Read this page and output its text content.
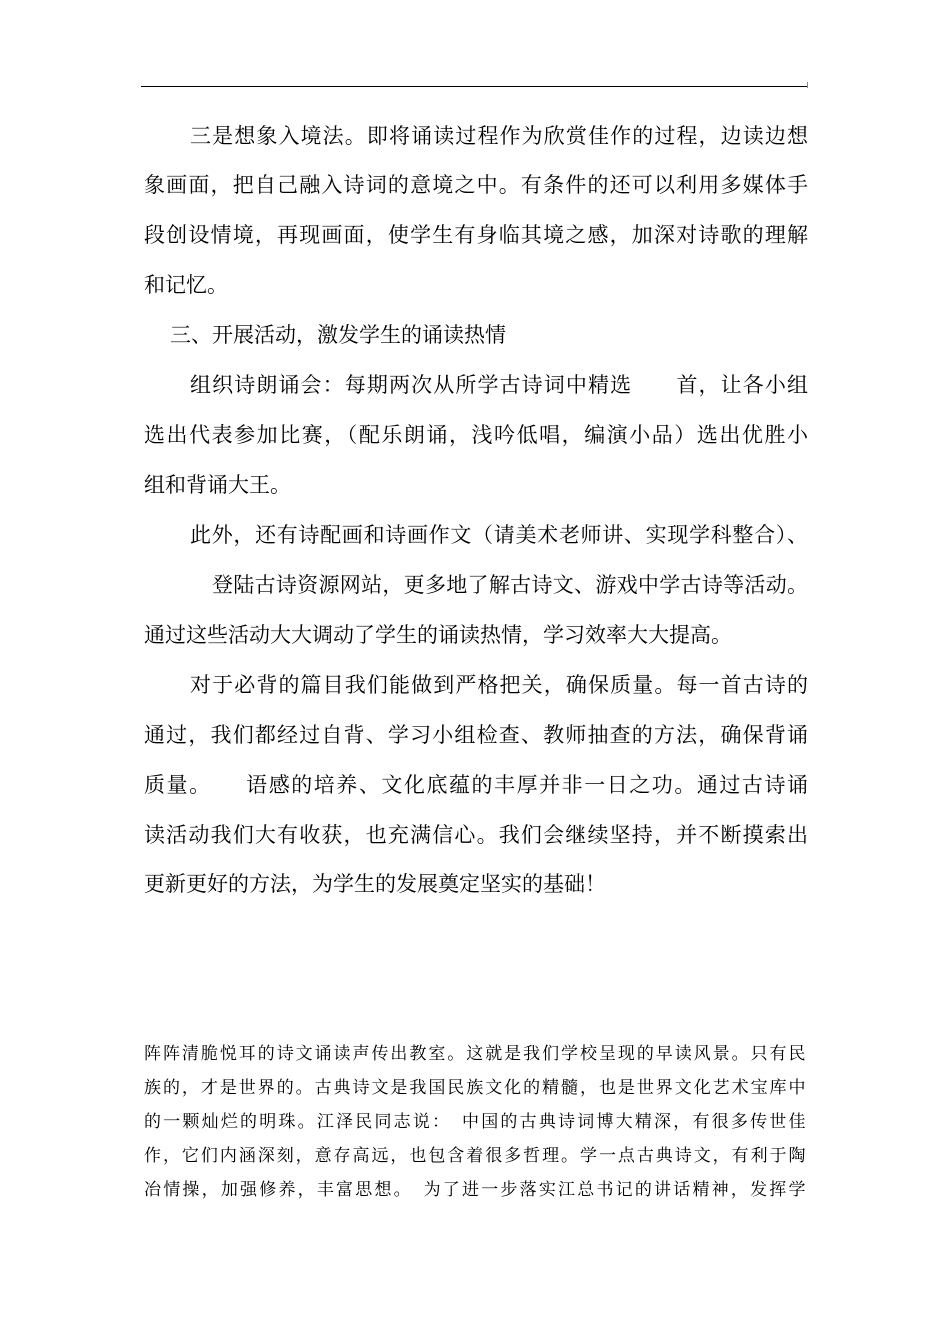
三是想象入境法。即将诵读过程作为欣赏佳作的过程，边读边想
象画面，把自己融入诗词的意境之中。有条件的还可以利用多媒体手
段创设情境，再现画面，使学生有身临其境之感，加深对诗歌的理解
和记忆。
三、开展活动，激发学生的诵读热情
组织诗朗诵会：每期两次从所学古诗词中精选　　首，让各小组
选出代表参加比赛，（配乐朗诵，浅吟低唱，编演小品）选出优胜小
组和背诵大王。
此外，还有诗配画和诗画作文（请美术老师讲、实现学科整合）、
登陆古诗资源网站，更多地了解古诗文、游戏中学古诗等活动。
通过这些活动大大调动了学生的诵读热情，学习效率大大提高。
对于必背的篇目我们能做到严格把关，确保质量。每一首古诗的
通过，我们都经过自背、学习小组检查、教师抽查的方法，确保背诵
质量。　　语感的培养、文化底蕴的丰厚并非一日之功。通过古诗诵
读活动我们大有收获，也充满信心。我们会继续坚持，并不断摸索出
更新更好的方法，为学生的发展奠定坚实的基础！
阵阵清脆悦耳的诗文诵读声传出教室。这就是我们学校呈现的早读风景。只有民
族的，才是世界的。古典诗文是我国民族文化的精髓，也是世界文化艺术宝库中
的一颗灿烂的明珠。江泽民同志说：　中国的古典诗词博大精深，有很多传世佳
作，它们内涵深刻，意存高远，也包含着很多哲理。学一点古典诗文，有利于陶
冶情操，加强修养，丰富思想。　为了进一步落实江总书记的讲话精神，发挥学
